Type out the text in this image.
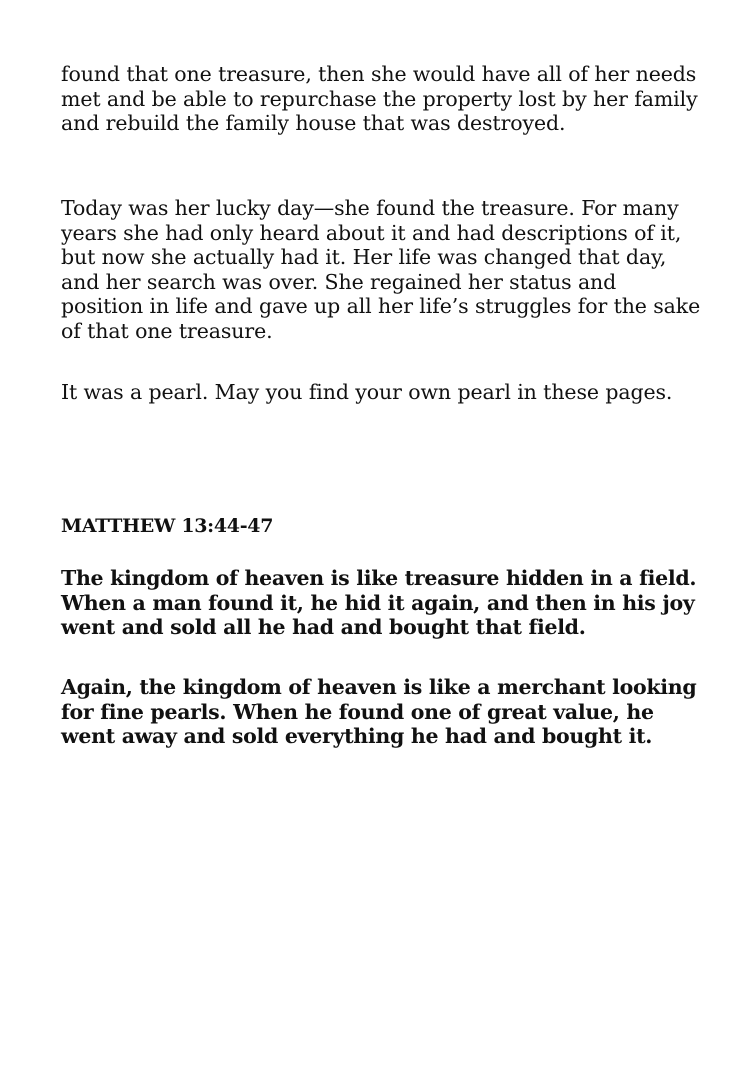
found that one treasure, then she would have all of her needs met and be able to repurchase the property lost by her family and rebuild the family house that was destroyed.

Today was her lucky day—she found the treasure. For many years she had only heard about it and had descriptions of it, but now she actually had it. Her life was changed that day, and her search was over. She regained her status and position in life and gave up all her life’s struggles for the sake of that one treasure.

It was a pearl. May you find your own pearl in these pages.

MATTHEW 13:44-47

The kingdom of heaven is like treasure hidden in a field. When a man found it, he hid it again, and then in his joy went and sold all he had and bought that field.

Again, the kingdom of heaven is like a merchant looking for fine pearls. When he found one of great value, he went away and sold everything he had and bought it.
